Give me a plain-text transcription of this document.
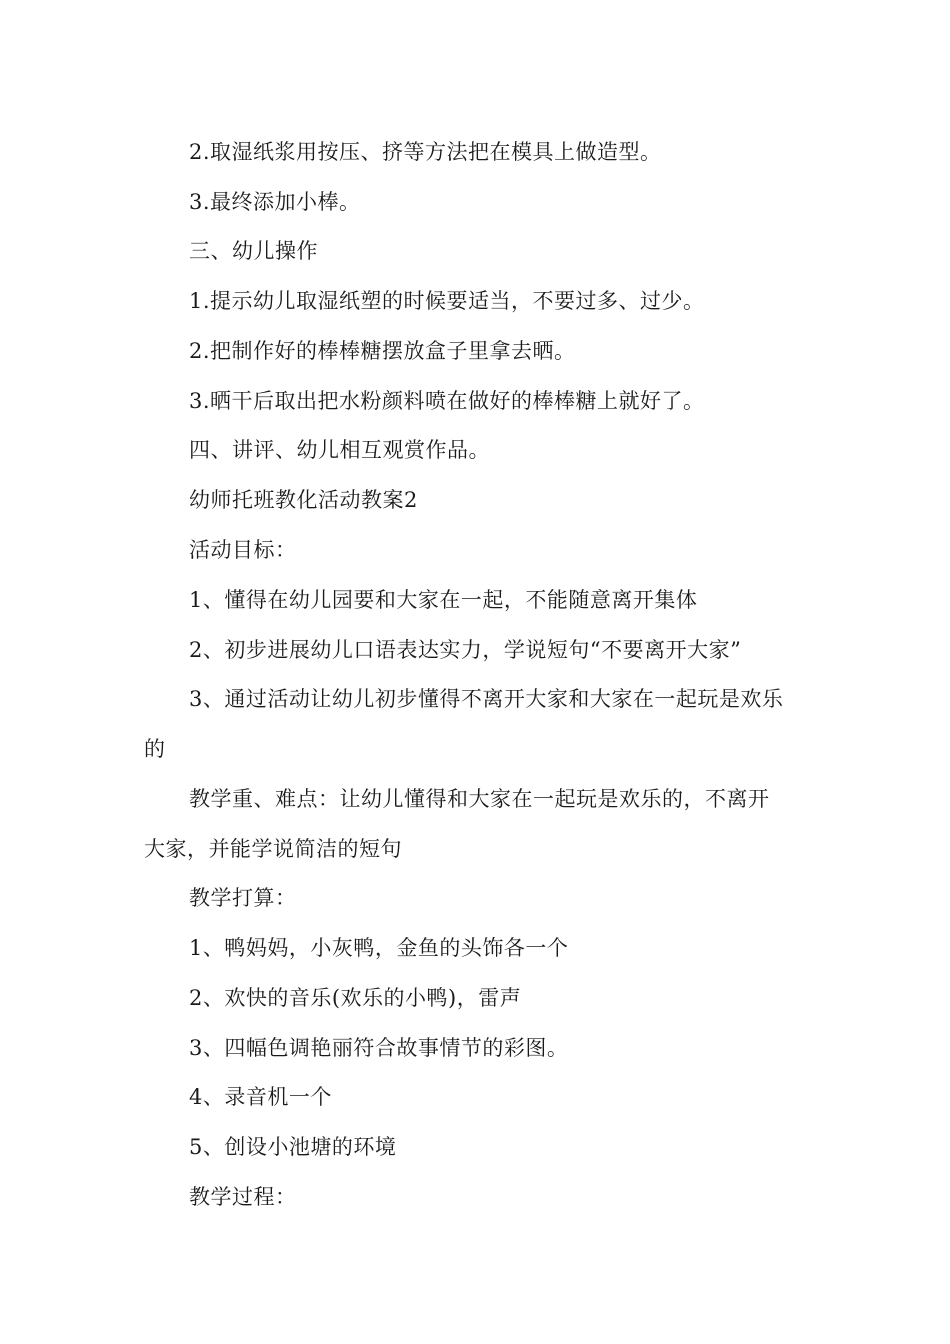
2.取湿纸浆用按压、挤等方法把在模具上做造型。
3.最终添加小棒。
三、幼儿操作
1.提示幼儿取湿纸塑的时候要适当，不要过多、过少。
2.把制作好的棒棒糖摆放盒子里拿去晒。
3.晒干后取出把水粉颜料喷在做好的棒棒糖上就好了。
四、讲评、幼儿相互观赏作品。
幼师托班教化活动教案2
活动目标：
1、懂得在幼儿园要和大家在一起，不能随意离开集体
2、初步进展幼儿口语表达实力，学说短句“不要离开大家”
3、通过活动让幼儿初步懂得不离开大家和大家在一起玩是欢乐
的
教学重、难点：让幼儿懂得和大家在一起玩是欢乐的，不离开
大家，并能学说简洁的短句
教学打算：
1、鸭妈妈，小灰鸭，金鱼的头饰各一个
2、欢快的音乐(欢乐的小鸭)，雷声
3、四幅色调艳丽符合故事情节的彩图。
4、录音机一个
5、创设小池塘的环境
教学过程：
